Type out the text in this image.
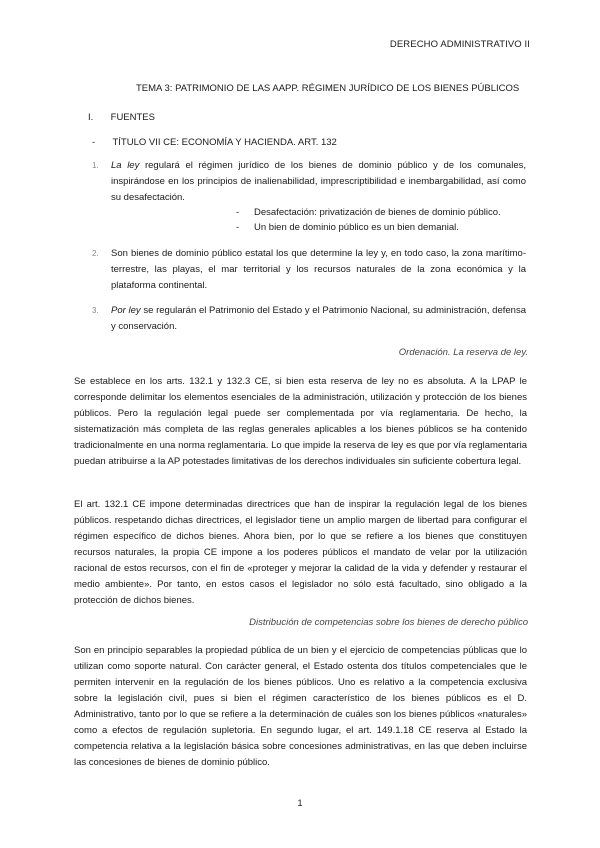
DERECHO ADMINISTRATIVO II
TEMA 3: PATRIMONIO DE LAS AAPP. RÉGIMEN JURÍDICO DE LOS BIENES PÚBLICOS
I. FUENTES
- TÍTULO VII CE: ECONOMÍA Y HACIENDA. ART. 132
1. La ley regulará el régimen jurídico de los bienes de dominio público y de los comunales, inspirándose en los principios de inalienabilidad, imprescriptibilidad e inembargabilidad, así como su desafectación.
- Desafectación: privatización de bienes de dominio público.
- Un bien de dominio público es un bien demanial.
2. Son bienes de dominio público estatal los que determine la ley y, en todo caso, la zona marítimo-terrestre, las playas, el mar territorial y los recursos naturales de la zona económica y la plataforma continental.
3. Por ley se regularán el Patrimonio del Estado y el Patrimonio Nacional, su administración, defensa y conservación.
Ordenación. La reserva de ley.
Se establece en los arts. 132.1 y 132.3 CE, si bien esta reserva de ley no es absoluta. A la LPAP le corresponde delimitar los elementos esenciales de la administración, utilización y protección de los bienes públicos. Pero la regulación legal puede ser complementada por vía reglamentaria. De hecho, la sistematización más completa de las reglas generales aplicables a los bienes públicos se ha contenido tradicionalmente en una norma reglamentaria. Lo que impide la reserva de ley es que por vía reglamentaria puedan atribuirse a la AP potestades limitativas de los derechos individuales sin suficiente cobertura legal.
El art. 132.1 CE impone determinadas directrices que han de inspirar la regulación legal de los bienes públicos. respetando dichas directrices, el legislador tiene un amplio margen de libertad para configurar el régimen específico de dichos bienes. Ahora bien, por lo que se refiere a los bienes que constituyen recursos naturales, la propia CE impone a los poderes públicos el mandato de velar por la utilización racional de estos recursos, con el fin de «proteger y mejorar la calidad de la vida y defender y restaurar el medio ambiente». Por tanto, en estos casos el legislador no sólo está facultado, sino obligado a la protección de dichos bienes.
Distribución de competencias sobre los bienes de derecho público
Son en principio separables la propiedad pública de un bien y el ejercicio de competencias públicas que lo utilizan como soporte natural. Con carácter general, el Estado ostenta dos títulos competenciales que le permiten intervenir en la regulación de los bienes públicos. Uno es relativo a la competencia exclusiva sobre la legislación civil, pues si bien el régimen característico de los bienes públicos es el D. Administrativo, tanto por lo que se refiere a la determinación de cuáles son los bienes públicos «naturales» como a efectos de regulación supletoria. En segundo lugar, el art. 149.1.18 CE reserva al Estado la competencia relativa a la legislación básica sobre concesiones administrativas, en las que deben incluirse las concesiones de bienes de dominio público.
1
